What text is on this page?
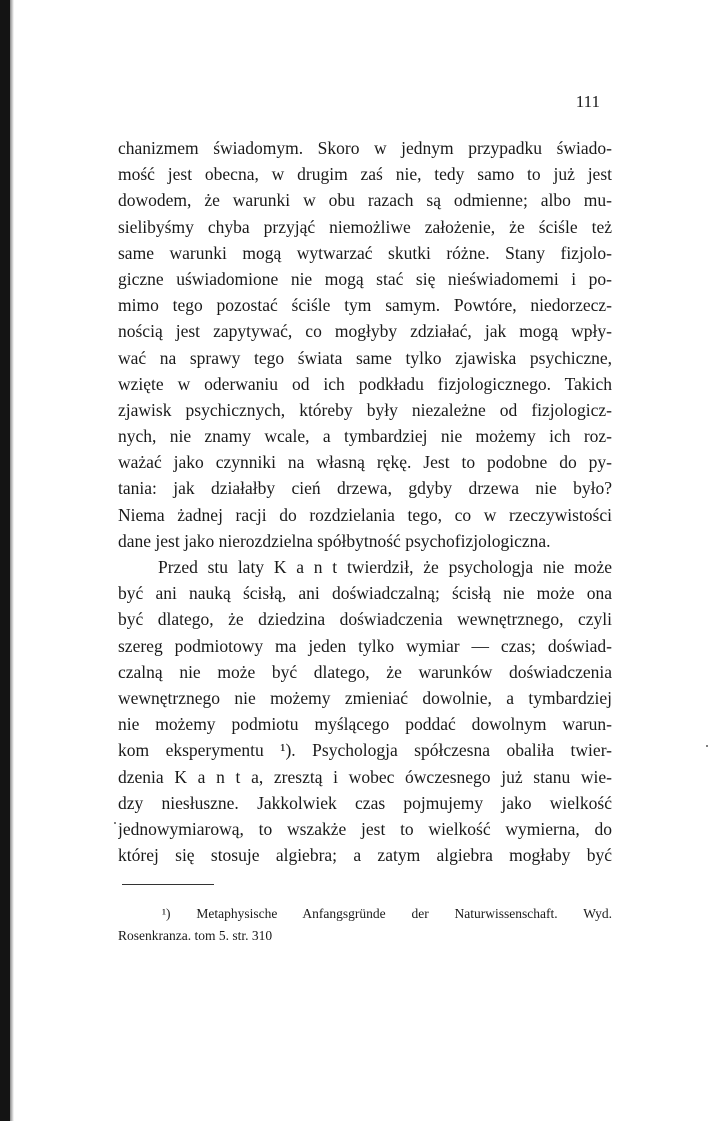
111
chanizmem świadomym. Skoro w jednym przypadku świado-
mość jest obecna, w drugim zaś nie, tedy samo to już jest
dowodem, że warunki w obu razach są odmienne; albo mu-
sielibyśmy chyba przyjąć niemożliwe założenie, że ściśle też
same warunki mogą wytwarzać skutki różne. Stany fizjolo-
giczne uświadomione nie mogą stać się nieświadomemi i po-
mimo tego pozostać ściśle tym samym. Powtóre, niedorzecz-
nością jest zapytywać, co mogłyby zdziałać, jak mogą wpły-
wać na sprawy tego świata same tylko zjawiska psychiczne,
wzięte w oderwaniu od ich podkładu fizjologicznego. Takich
zjawisk psychicznych, któreby były niezależne od fizjologicz-
nych, nie znamy wcale, a tymbardziej nie możemy ich roz-
ważać jako czynniki na własną rękę. Jest to podobne do py-
tania: jak działałby cień drzewa, gdyby drzewa nie było?
Niema żadnej racji do rozdzielania tego, co w rzeczywistości
dane jest jako nierozdzielna spółbytność psychofizjologiczna.
Przed stu laty K a n t twierdził, że psychologja nie może
być ani nauką ścisłą, ani doświadczalną; ścisłą nie może ona
być dlatego, że dziedzina doświadczenia wewnętrznego, czyli
szereg podmiotowy ma jeden tylko wymiar — czas; doświad-
czalną nie może być dlatego, że warunków doświadczenia
wewnętrznego nie możemy zmieniać dowolnie, a tymbardziej
nie możemy podmiotu myślącego poddać dowolnym warun-
kom eksperymentu ¹). Psychologja spółczesna obaliła twier-
dzenia K a n t a, zresztą i wobec ówczesnego już stanu wie-
dzy niesłuszne. Jakkolwiek czas pojmujemy jako wielkość
jednowymiarową, to wszakże jest to wielkość wymierna, do
której się stosuje algiebra; a zatym algiebra mogłaby być
¹) Metaphysische Anfangsgründe der Naturwissenschaft. Wyd.
Rosenkranza. tom 5. str. 310
